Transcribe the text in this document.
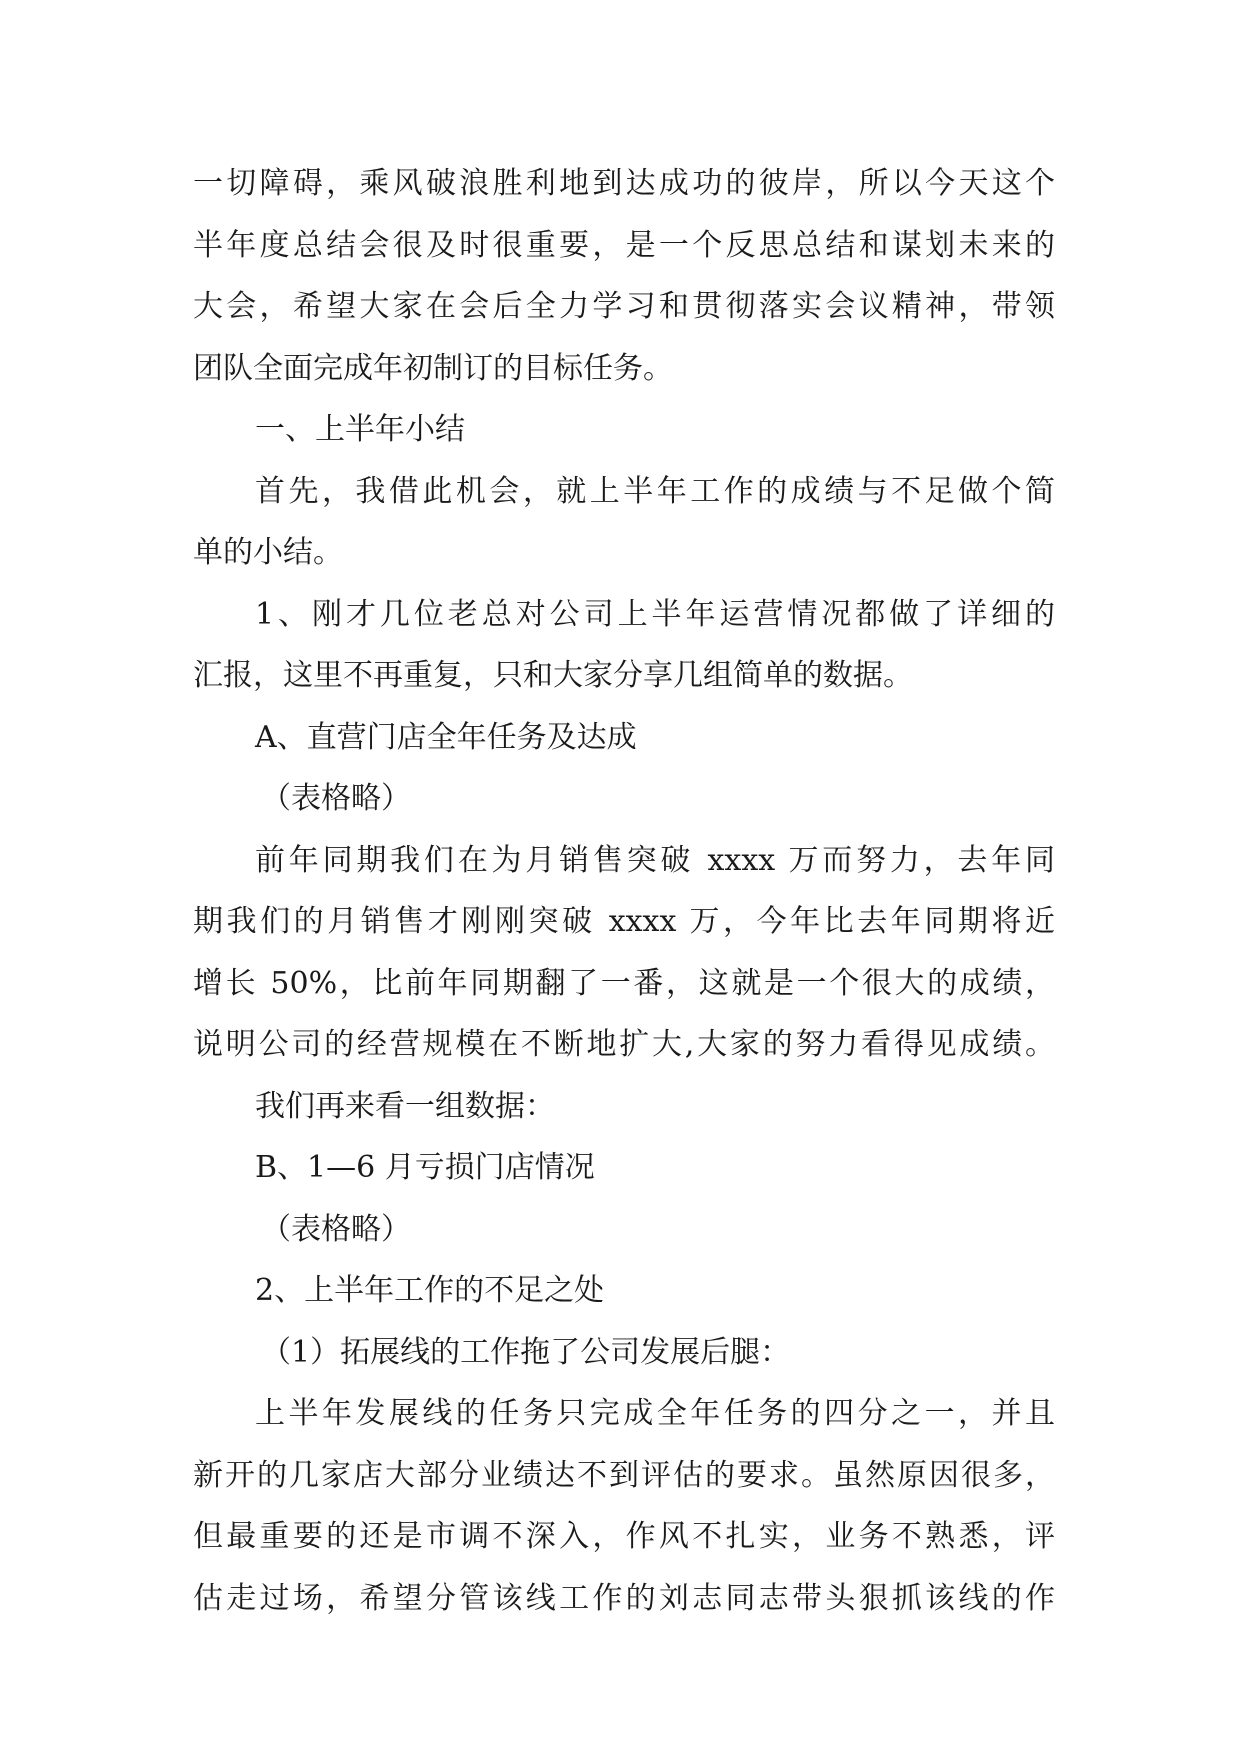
一切障碍，乘风破浪胜利地到达成功的彼岸，所以今天这个
半年度总结会很及时很重要，是一个反思总结和谋划未来的
大会，希望大家在会后全力学习和贯彻落实会议精神，带领
团队全面完成年初制订的目标任务。
一、上半年小结
首先，我借此机会，就上半年工作的成绩与不足做个简
单的小结。
1、刚才几位老总对公司上半年运营情况都做了详细的
汇报，这里不再重复，只和大家分享几组简单的数据。
A、直营门店全年任务及达成
（表格略）
前年同期我们在为月销售突破 xxxx 万而努力，去年同
期我们的月销售才刚刚突破 xxxx 万，今年比去年同期将近
增长 50%，比前年同期翻了一番，这就是一个很大的成绩，
说明公司的经营规模在不断地扩大,大家的努力看得见成绩。
我们再来看一组数据：
B、1—6 月亏损门店情况
（表格略）
2、上半年工作的不足之处
（1）拓展线的工作拖了公司发展后腿：
上半年发展线的任务只完成全年任务的四分之一，并且
新开的几家店大部分业绩达不到评估的要求。虽然原因很多，
但最重要的还是市调不深入，作风不扎实，业务不熟悉，评
估走过场，希望分管该线工作的刘志同志带头狠抓该线的作
